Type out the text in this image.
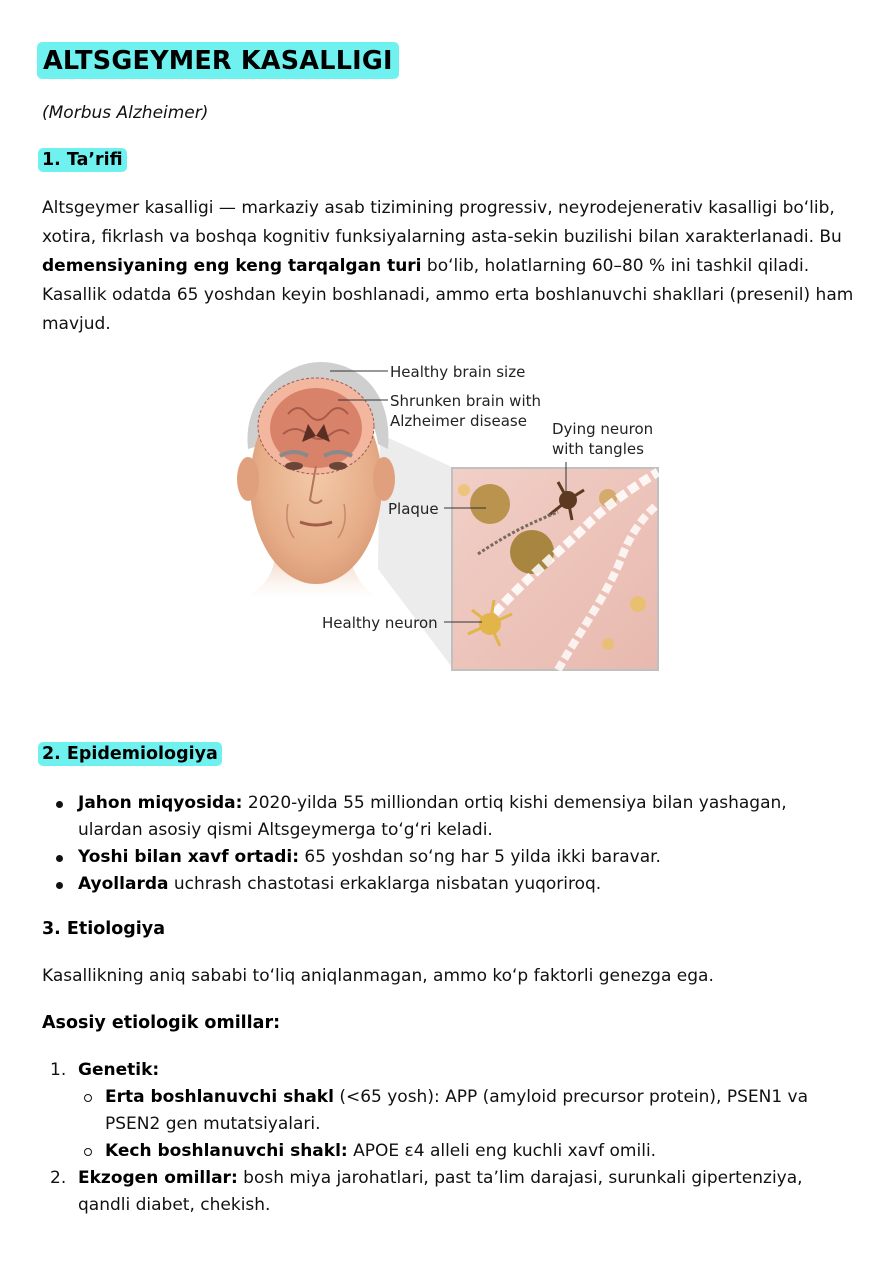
ALTSGEYMER KASALLIGI
(Morbus Alzheimer)
1. Ta’rifi
Altsgeymer kasalligi — markaziy asab tizimining progressiv, neyrodejenerativ kasalligi boʻlib, xotira, fikrlash va boshqa kognitiv funksiyalarning asta-sekin buzilishi bilan xarakterlanadi. Bu demensiyaning eng keng tarqalgan turi boʻlib, holatlarning 60–80 % ini tashkil qiladi. Kasallik odatda 65 yoshdan keyin boshlanadi, ammo erta boshlanuvchi shakllari (presenil) ham mavjud.
Healthy brain size
Shrunken brain with
Alzheimer disease Dying neuron
with tangles
Plaque
Healthy neuron
2. Epidemiologiya
Jahon miqyosida: 2020-yilda 55 milliondan ortiq kishi demensiya bilan yashagan, ulardan asosiy qismi Altsgeymerga toʻgʻri keladi.
Yoshi bilan xavf ortadi: 65 yoshdan soʻng har 5 yilda ikki baravar.
Ayollarda uchrash chastotasi erkaklarga nisbatan yuqoriroq.
3. Etiologiya
Kasallikning aniq sababi toʻliq aniqlanmagan, ammo koʻp faktorli genezga ega.
Asosiy etiologik omillar:
1. Genetik:
Erta boshlanuvchi shakl (<65 yosh): APP (amyloid precursor protein), PSEN1 va PSEN2 gen mutatsiyalari.
Kech boshlanuvchi shakl: APOE ε4 alleli eng kuchli xavf omili.
2. Ekzogen omillar: bosh miya jarohatlari, past taʼlim darajasi, surunkali gipertenziya, qandli diabet, chekish.
